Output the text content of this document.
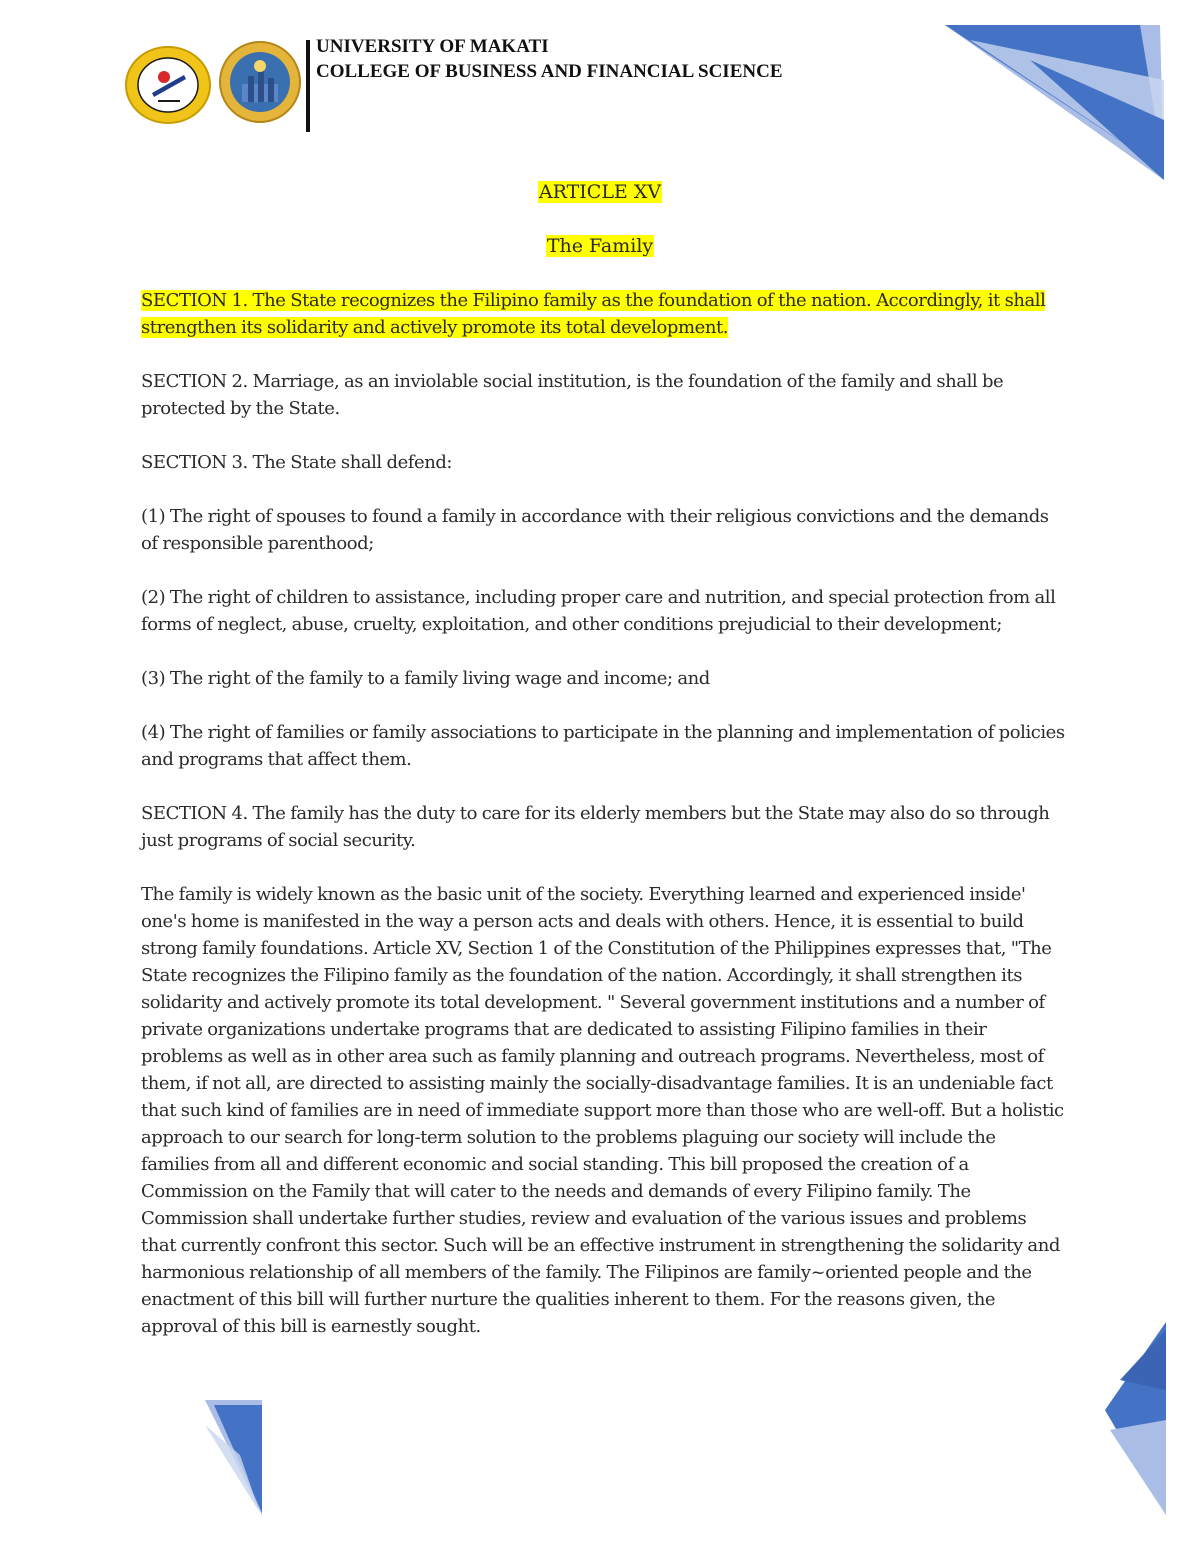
UNIVERSITY OF MAKATI
COLLEGE OF BUSINESS AND FINANCIAL SCIENCE
ARTICLE XV
The Family

SECTION 1. The State recognizes the Filipino family as the foundation of the nation. Accordingly, it shall strengthen its solidarity and actively promote its total development.

SECTION 2. Marriage, as an inviolable social institution, is the foundation of the family and shall be protected by the State.

SECTION 3. The State shall defend:

(1) The right of spouses to found a family in accordance with their religious convictions and the demands of responsible parenthood;

(2) The right of children to assistance, including proper care and nutrition, and special protection from all forms of neglect, abuse, cruelty, exploitation, and other conditions prejudicial to their development;

(3) The right of the family to a family living wage and income; and

(4) The right of families or family associations to participate in the planning and implementation of policies and programs that affect them.

SECTION 4. The family has the duty to care for its elderly members but the State may also do so through just programs of social security.

The family is widely known as the basic unit of the society. Everything learned and experienced inside' one's home is manifested in the way a person acts and deals with others. Hence, it is essential to build strong family foundations. Article XV, Section 1 of the Constitution of the Philippines expresses that, "The State recognizes the Filipino family as the foundation of the nation. Accordingly, it shall strengthen its solidarity and actively promote its total development. " Several government institutions and a number of private organizations undertake programs that are dedicated to assisting Filipino families in their problems as well as in other area such as family planning and outreach programs. Nevertheless, most of them, if not all, are directed to assisting mainly the socially-disadvantage families. It is an undeniable fact that such kind of families are in need of immediate support more than those who are well-off. But a holistic approach to our search for long-term solution to the problems plaguing our society will include the families from all and different economic and social standing. This bill proposed the creation of a Commission on the Family that will cater to the needs and demands of every Filipino family. The Commission shall undertake further studies, review and evaluation of the various issues and problems that currently confront this sector. Such will be an effective instrument in strengthening the solidarity and harmonious relationship of all members of the family. The Filipinos are family~oriented people and the enactment of this bill will further nurture the qualities inherent to them. For the reasons given, the approval of this bill is earnestly sought.
